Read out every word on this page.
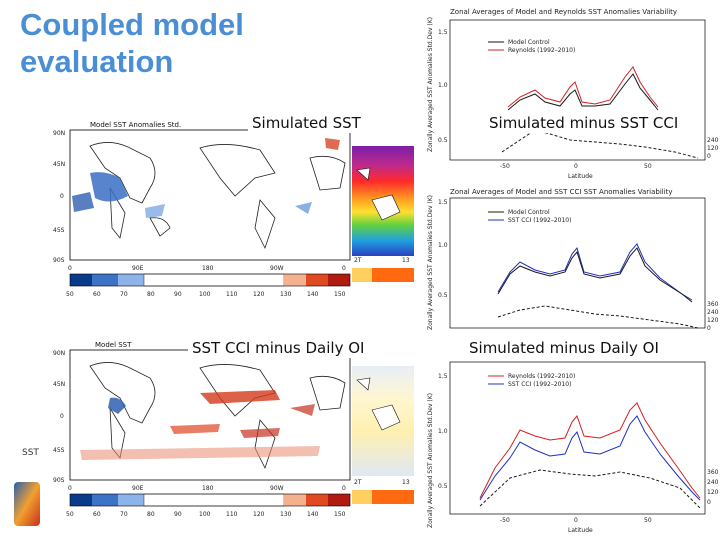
Coupled model
evaluation
Model SST Anomalies Std.
90N
45N
0
45S
90S
0	90E	180	90W	0
50	60	70	80	90	100	110	120	130	140	150
2T	13
Model SST
90N
45N
0
45S
90S
0	90E	180	90W	0
50	60	70	80	90	100	110	120	130	140	150
2T	13
Zonal Averages of Model and Reynolds SST Anomalies Variability
Zonally Averaged SST Anomalies Std.Dev (K) 0.5
1.0
1.5
-50	0	50
Latitude
240
120
0
Model Control
Reynolds (1992–2010)
Zonal Averages of Model and SST CCI SST Anomalies Variability
Zonally Averaged SST Anomalies Std.Dev (K) 0.5
1.0
1.5
360
240
120
0
Model Control
SST CCI (1992–2010)
Zonally Averaged SST Anomalies Std.Dev (K) 0.5
1.0
1.5
-50	0	50
Latitude
360
240
120
0
Reynolds (1992–2010)
SST CCI (1992–2010)
Simulated SST	Simulated minus SST CCI
SST CCI minus Daily OI	Simulated minus Daily OI
SST
